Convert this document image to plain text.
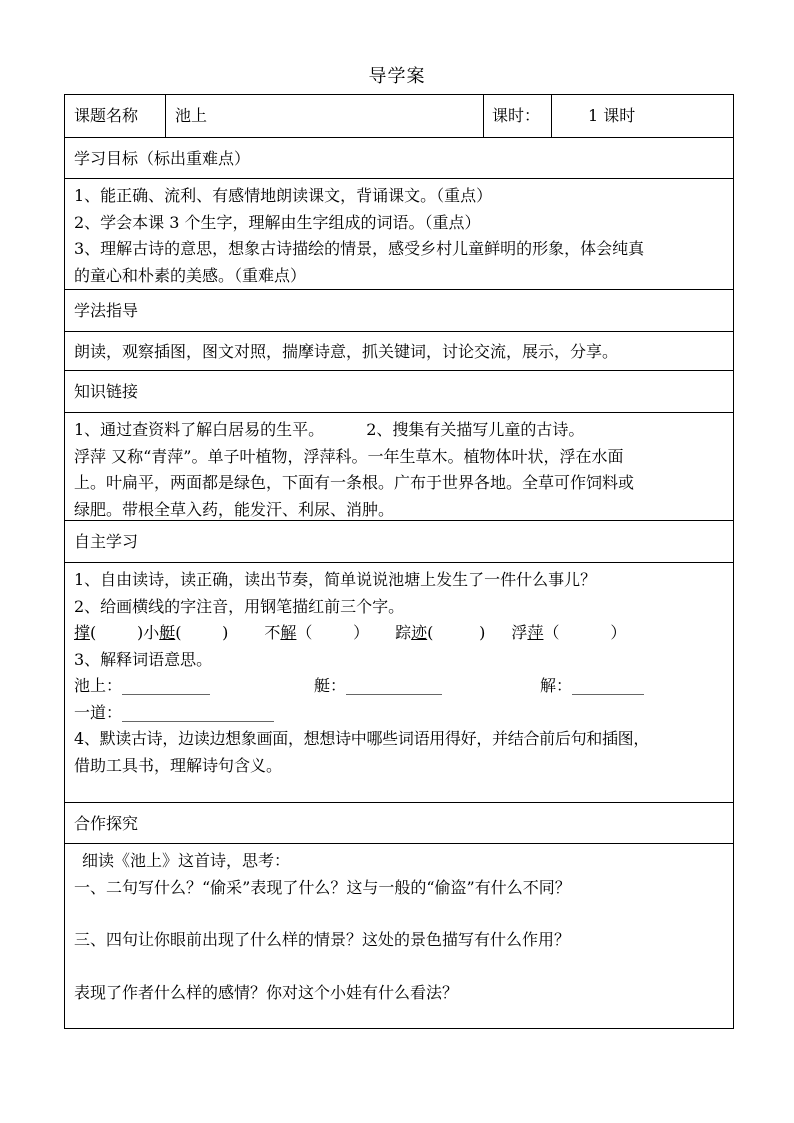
导学案
课题名称	池上	课时：	1 课时
学习目标（标出重难点）

1、能正确、流利、有感情地朗读课文，背诵课文。（重点）

2、学会本课 3 个生字，理解由生字组成的词语。（重点）

3、理解古诗的意思，想象古诗描绘的情景，感受乡村儿童鲜明的形象，体会纯真

的童心和朴素的美感。（重难点）

学法指导
朗读，观察插图，图文对照，揣摩诗意，抓关键词，讨论交流，展示，分享。
知识链接

1、通过查资料了解白居易的生平。	2、搜集有关描写儿童的古诗。

浮萍 又称“青萍”。单子叶植物，浮萍科。一年生草木。植物体叶状，浮在水面

上。叶扁平，两面都是绿色，下面有一条根。广布于世界各地。全草可作饲料或

绿肥。带根全草入药，能发汗、利尿、消肿。

自主学习

1、自由读诗，读正确，读出节奏，简单说说池塘上发生了一件什么事儿？

2、给画横线的字注音，用钢笔描红前三个字。

撑(        )小艇(        ) 不解（        ） 踪迹(         ) 浮萍（          ）

3、解释词语意思。

池上：___________	艇：____________	解：_________

一道：___________________

4、默读古诗，边读边想象画面，想想诗中哪些词语用得好，并结合前后句和插图，

借助工具书，理解诗句含义。

合作探究

细读《池上》这首诗，思考：

一、二句写什么？“偷采”表现了什么？这与一般的“偷盗”有什么不同？

三、四句让你眼前出现了什么样的情景？这处的景色描写有什么作用？

表现了作者什么样的感情？你对这个小娃有什么看法？
